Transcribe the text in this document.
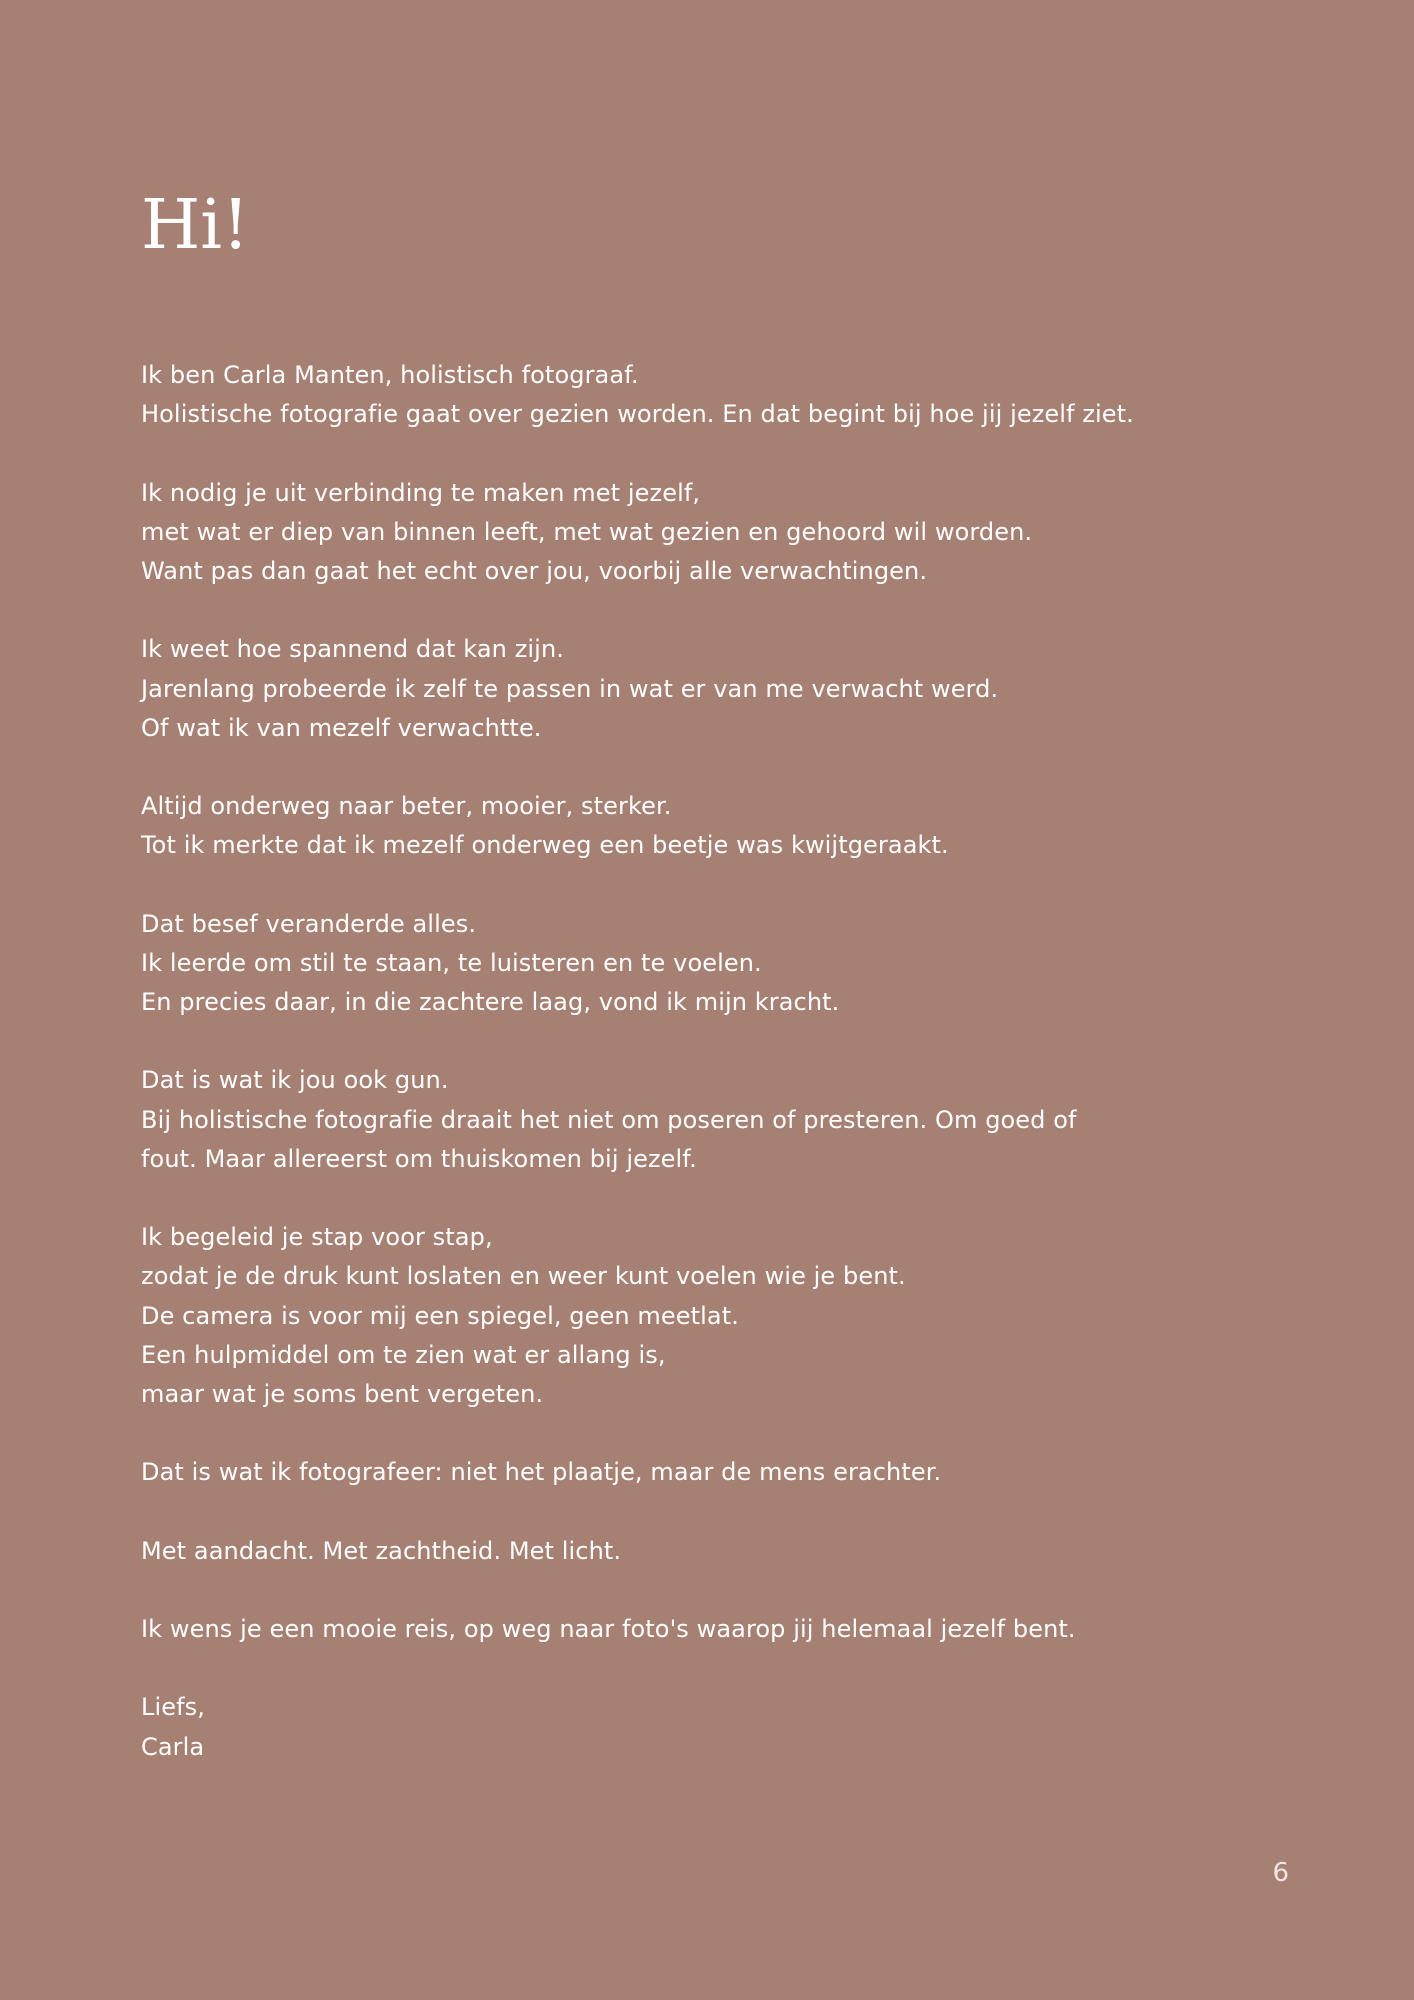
Hi!
Ik ben Carla Manten, holistisch fotograaf.
Holistische fotografie gaat over gezien worden. En dat begint bij hoe jij jezelf ziet.
Ik nodig je uit verbinding te maken met jezelf,
met wat er diep van binnen leeft, met wat gezien en gehoord wil worden.
Want pas dan gaat het echt over jou, voorbij alle verwachtingen.
Ik weet hoe spannend dat kan zijn.
Jarenlang probeerde ik zelf te passen in wat er van me verwacht werd.
Of wat ik van mezelf verwachtte.
Altijd onderweg naar beter, mooier, sterker.
Tot ik merkte dat ik mezelf onderweg een beetje was kwijtgeraakt.
Dat besef veranderde alles.
Ik leerde om stil te staan, te luisteren en te voelen.
En precies daar, in die zachtere laag, vond ik mijn kracht.
Dat is wat ik jou ook gun.
Bij holistische fotografie draait het niet om poseren of presteren. Om goed of
fout. Maar allereerst om thuiskomen bij jezelf.
Ik begeleid je stap voor stap,
zodat je de druk kunt loslaten en weer kunt voelen wie je bent.
De camera is voor mij een spiegel, geen meetlat.
Een hulpmiddel om te zien wat er allang is,
maar wat je soms bent vergeten.
Dat is wat ik fotografeer: niet het plaatje, maar de mens erachter.
Met aandacht. Met zachtheid. Met licht.
Ik wens je een mooie reis, op weg naar foto's waarop jij helemaal jezelf bent.
Liefs,
Carla
6
